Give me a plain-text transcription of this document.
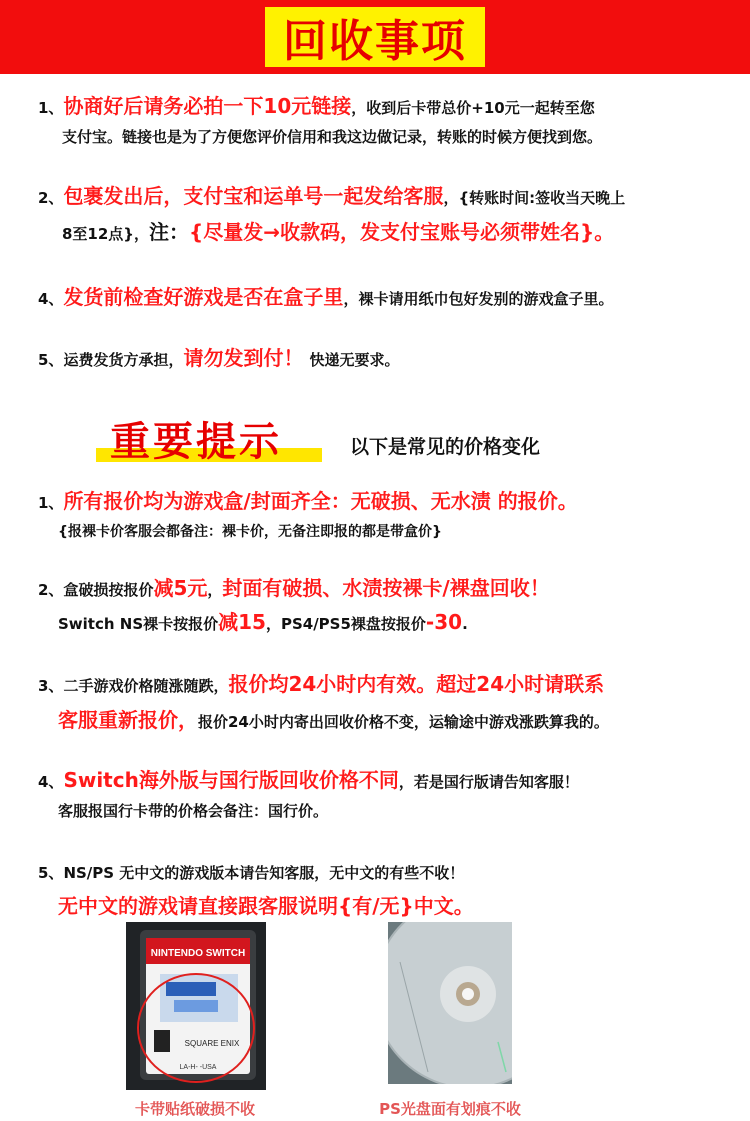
回收事项
1、协商好后请务必拍一下10元链接，收到后卡带总价+10元一起转至您
支付宝。链接也是为了方便您评价信用和我这边做记录，转账的时候方便找到您。
2、包裹发出后，支付宝和运单号一起发给客服，{转账时间:签收当天晚上
8至12点}，注：{尽量发→收款码，发支付宝账号必须带姓名}。
4、发货前检查好游戏是否在盒子里，裸卡请用纸巾包好发别的游戏盒子里。
5、运费发货方承担，请勿发到付！ 快递无要求。
重要提示	以下是常见的价格变化
1、所有报价均为游戏盒/封面齐全：无破损、无水渍 的报价。
{报裸卡价客服会都备注：裸卡价，无备注即报的都是带盒价}
2、盒破损按报价减5元，封面有破损、水渍按裸卡/裸盘回收！
Switch NS裸卡按报价减15，PS4/PS5裸盘按报价-30.
3、二手游戏价格随涨随跌，报价均24小时内有效。超过24小时请联系
客服重新报价，报价24小时内寄出回收价格不变，运输途中游戏涨跌算我的。
4、Switch海外版与国行版回收价格不同，若是国行版请告知客服！
客服报国行卡带的价格会备注：国行价。
5、NS/PS 无中文的游戏版本请告知客服，无中文的有些不收！
无中文的游戏请直接跟客服说明{有/无}中文。
NINTENDO SWITCH
SQUARE ENIX
LA-H- -USA
卡带贴纸破损不收	PS光盘面有划痕不收
